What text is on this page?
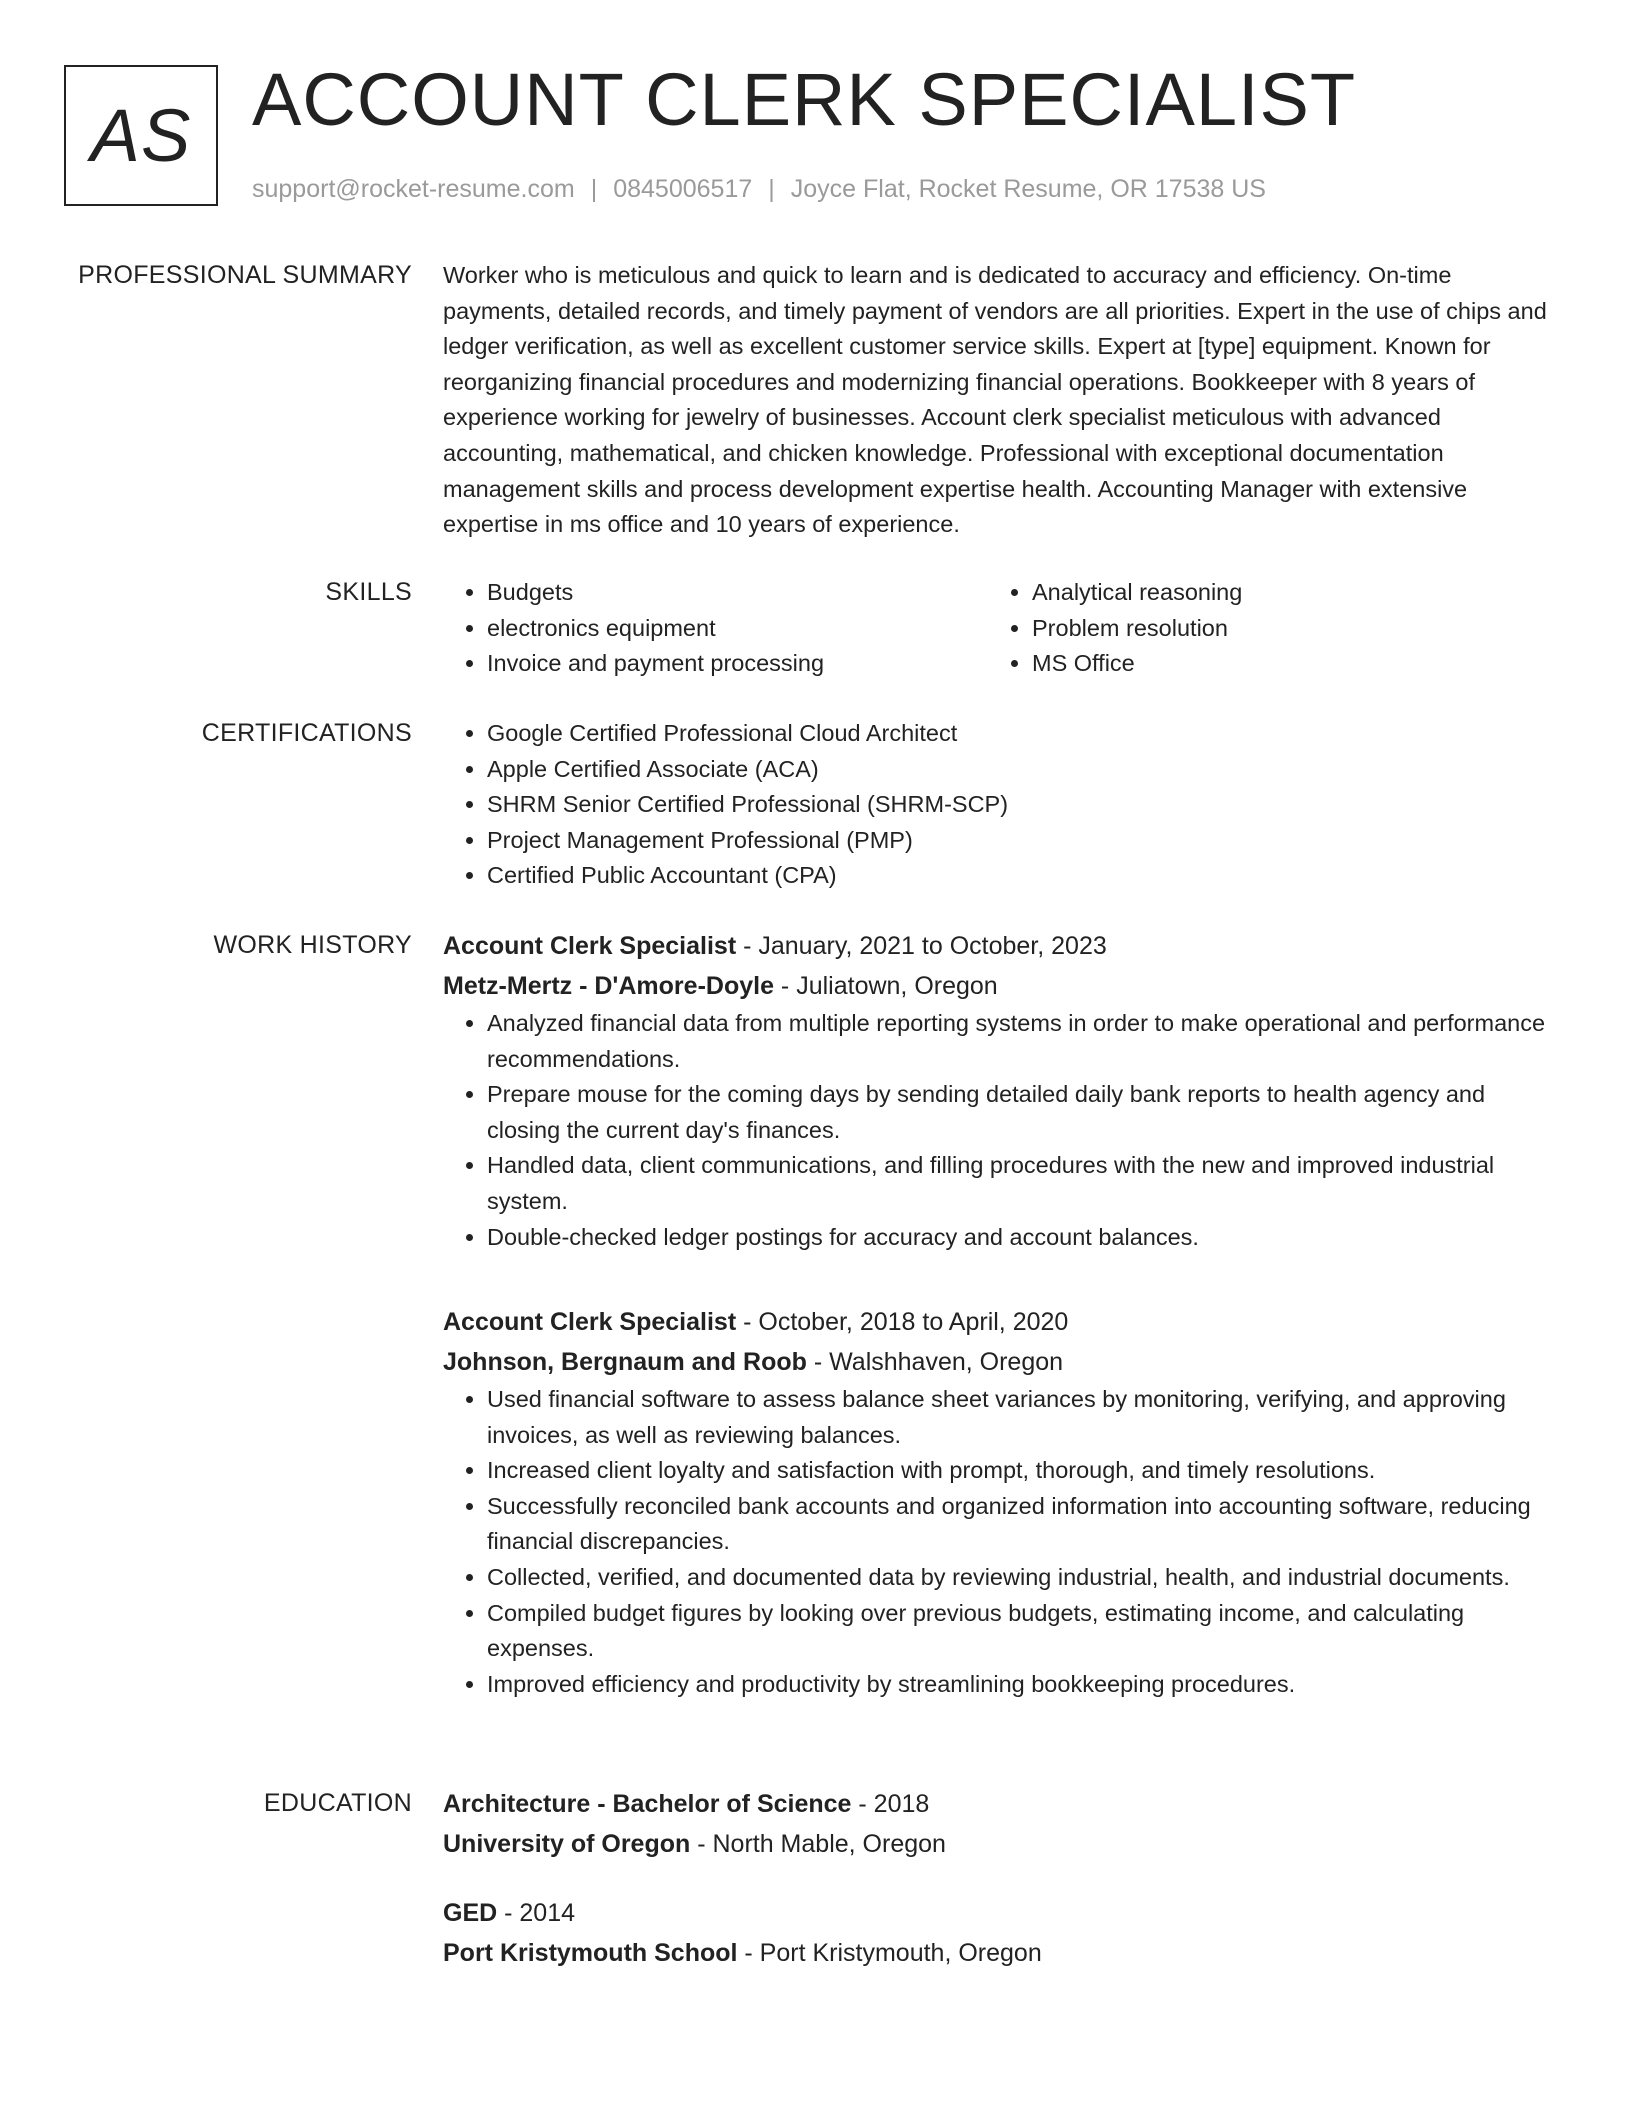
AS ACCOUNT CLERK SPECIALIST
support@rocket-resume.com | 0845006517 | Joyce Flat, Rocket Resume, OR 17538 US
PROFESSIONAL SUMMARY Worker who is meticulous and quick to learn and is dedicated to accuracy and efficiency. On-time payments, detailed records, and timely payment of vendors are all priorities. Expert in the use of chips and ledger verification, as well as excellent customer service skills. Expert at [type] equipment. Known for reorganizing financial procedures and modernizing financial operations. Bookkeeper with 8 years of experience working for jewelry of businesses. Account clerk specialist meticulous with advanced accounting, mathematical, and chicken knowledge. Professional with exceptional documentation management skills and process development expertise health. Accounting Manager with extensive expertise in ms office and 10 years of experience.

SKILLS	• Budgets
• electronics equipment
• Invoice and payment processing
• Analytical reasoning
• Problem resolution
• MS Office
CERTIFICATIONS	• Google Certified Professional Cloud Architect
• Apple Certified Associate (ACA)
• SHRM Senior Certified Professional (SHRM-SCP)
• Project Management Professional (PMP)
• Certified Public Accountant (CPA)
WORK HISTORY Account Clerk Specialist - January, 2021 to October, 2023
Metz-Mertz - D'Amore-Doyle - Juliatown, Oregon
• Analyzed financial data from multiple reporting systems in order to make operational and performance recommendations.
• Prepare mouse for the coming days by sending detailed daily bank reports to health agency and closing the current day's finances.
• Handled data, client communications, and filling procedures with the new and improved industrial system.
• Double-checked ledger postings for accuracy and account balances.
Account Clerk Specialist - October, 2018 to April, 2020
Johnson, Bergnaum and Roob - Walshhaven, Oregon
• Used financial software to assess balance sheet variances by monitoring, verifying, and approving invoices, as well as reviewing balances.
• Increased client loyalty and satisfaction with prompt, thorough, and timely resolutions.
• Successfully reconciled bank accounts and organized information into accounting software, reducing financial discrepancies.
• Collected, verified, and documented data by reviewing industrial, health, and industrial documents.
• Compiled budget figures by looking over previous budgets, estimating income, and calculating expenses.
• Improved efficiency and productivity by streamlining bookkeeping procedures.
EDUCATION Architecture - Bachelor of Science - 2018
University of Oregon - North Mable, Oregon
GED - 2014
Port Kristymouth School - Port Kristymouth, Oregon
